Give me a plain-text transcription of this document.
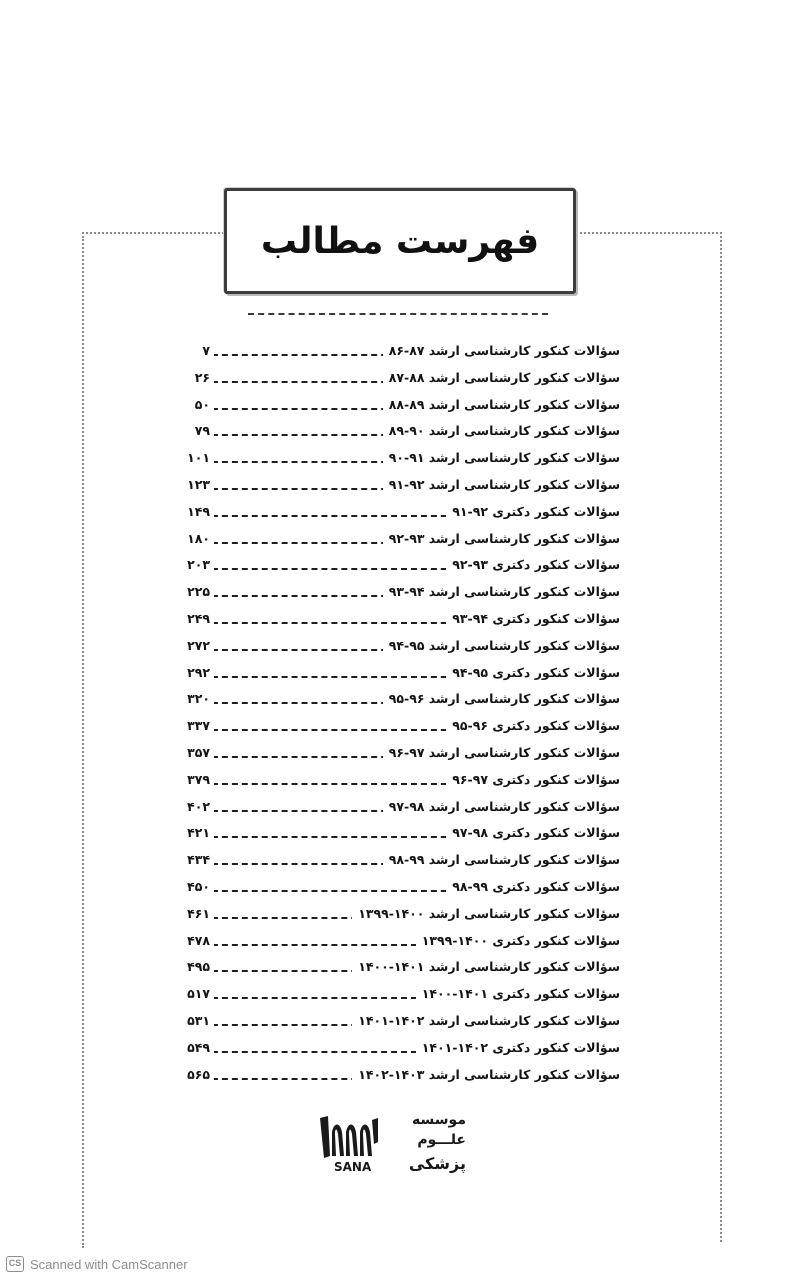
فهرست مطالب
سؤالات کنکور کارشناسی ارشد ۸۷-۸۶
۷
سؤالات کنکور کارشناسی ارشد ۸۸-۸۷
۲۶
سؤالات کنکور کارشناسی ارشد ۸۹-۸۸
۵۰
سؤالات کنکور کارشناسی ارشد ۹۰-۸۹
۷۹
سؤالات کنکور کارشناسی ارشد ۹۱-۹۰
۱۰۱
سؤالات کنکور کارشناسی ارشد ۹۲-۹۱
۱۲۳
سؤالات کنکور دکتری ۹۲-۹۱
۱۴۹
سؤالات کنکور کارشناسی ارشد ۹۳-۹۲
۱۸۰
سؤالات کنکور دکتری ۹۳-۹۲
۲۰۳
سؤالات کنکور کارشناسی ارشد ۹۴-۹۳
۲۲۵
سؤالات کنکور دکتری ۹۴-۹۳
۲۴۹
سؤالات کنکور کارشناسی ارشد ۹۵-۹۴
۲۷۲
سؤالات کنکور دکتری ۹۵-۹۴
۲۹۲
سؤالات کنکور کارشناسی ارشد ۹۶-۹۵
۳۲۰
سؤالات کنکور دکتری ۹۶-۹۵
۳۳۷
سؤالات کنکور کارشناسی ارشد ۹۷-۹۶
۳۵۷
سؤالات کنکور دکتری ۹۷-۹۶
۳۷۹
سؤالات کنکور کارشناسی ارشد ۹۸-۹۷
۴۰۲
سؤالات کنکور دکتری ۹۸-۹۷
۴۲۱
سؤالات کنکور کارشناسی ارشد ۹۹-۹۸
۴۳۴
سؤالات کنکور دکتری ۹۹-۹۸
۴۵۰
سؤالات کنکور کارشناسی ارشد ۱۴۰۰-۱۳۹۹
۴۶۱
سؤالات کنکور دکتری ۱۴۰۰-۱۳۹۹
۴۷۸
سؤالات کنکور کارشناسی ارشد ۱۴۰۱-۱۴۰۰
۴۹۵
سؤالات کنکور دکتری ۱۴۰۱-۱۴۰۰
۵۱۷
سؤالات کنکور کارشناسی ارشد ۱۴۰۲-۱۴۰۱
۵۳۱
سؤالات کنکور دکتری ۱۴۰۲-۱۴۰۱
۵۴۹
سؤالات کنکور کارشناسی ارشد ۱۴۰۳-۱۴۰۲
۵۶۵
موسسه
علـــوم
پزشکی
SANA
CS Scanned with CamScanner
